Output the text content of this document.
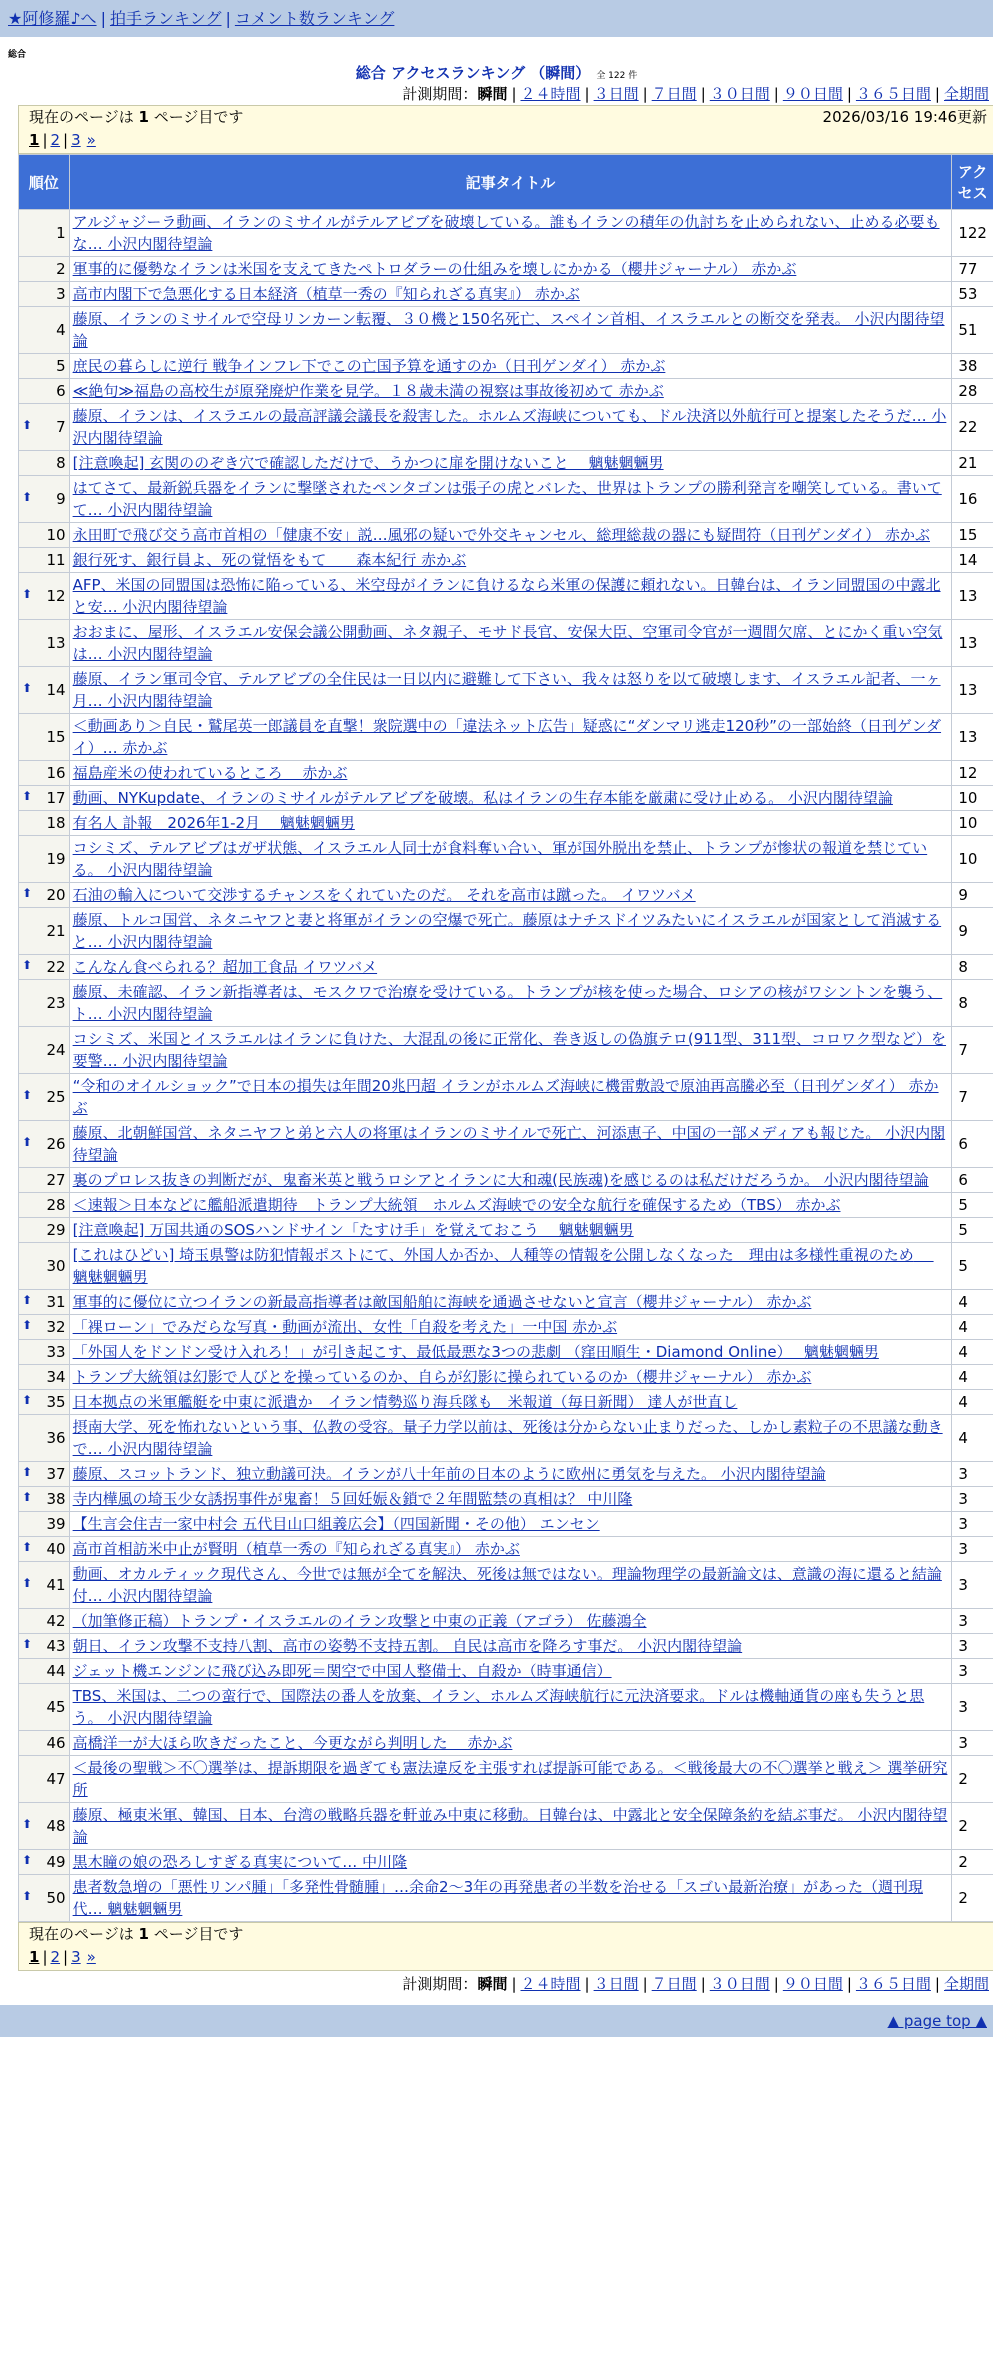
★阿修羅♪へ | 拍手ランキング | コメント数ランキング
総合
総合 アクセスランキング （瞬間） 全 122 件
計測期間：瞬間 | ２４時間 | ３日間 | ７日間 | ３０日間 | ９０日間 | ３６５日間 | 全期間
現在のページは 1 ページ目です	2026/03/16 19:46更新
1 | 2 | 3 »
順位	記事タイトル	アクセス
1	アルジャジーラ動画、イランのミサイルがテルアビブを破壊している。誰もイランの積年の仇討ちを止められない、止める必要もな… 小沢内閣待望論	122
2	軍事的に優勢なイランは米国を支えてきたペトロダラーの仕組みを壊しにかかる（櫻井ジャーナル） 赤かぶ	77
3	高市内閣下で急悪化する日本経済（植草一秀の『知られざる真実』） 赤かぶ	53
4	藤原、イランのミサイルで空母リンカーン転覆、３０機と150名死亡、スペイン首相、イスラエルとの断交を発表。 小沢内閣待望論	51
5	庶民の暮らしに逆行 戦争インフレ下でこの亡国予算を通すのか（日刊ゲンダイ） 赤かぶ	38
6	≪絶句≫福島の高校生が原発廃炉作業を見学。１８歳未満の視察は事故後初めて 赤かぶ	28

⬆ 7	藤原、イランは、イスラエルの最高評議会議長を殺害した。ホルムズ海峡についても、ドル決済以外航行可と提案したそうだ… 小沢内閣待望論	22
8	[注意喚起] 玄関ののぞき穴で確認しただけで、うかつに扉を開けないこと　 魑魅魍魎男	21

⬆ 9	はてさて、最新鋭兵器をイランに撃墜されたペンタゴンは張子の虎とバレた、世界はトランプの勝利発言を嘲笑している。書いてて… 小沢内閣待望論	16
10	永田町で飛び交う高市首相の「健康不安」説…風邪の疑いで外交キャンセル、総理総裁の器にも疑問符（日刊ゲンダイ） 赤かぶ	15
11	銀行死す、銀行員よ、死の覚悟をもて　　森本紀行 赤かぶ	14

⬆ 12	AFP、米国の同盟国は恐怖に陥っている、米空母がイランに負けるなら米軍の保護に頼れない。日韓台は、イラン同盟国の中露北と安… 小沢内閣待望論	13
13	おおまに、屋形、イスラエル安保会議公開動画、ネタ親子、モサド長官、安保大臣、空軍司令官が一週間欠席、とにかく重い空気は… 小沢内閣待望論	13

⬆ 14	藤原、イラン軍司令官、テルアビブの全住民は一日以内に避難して下さい、我々は怒りを以て破壊します、イスラエル記者、一ヶ月… 小沢内閣待望論	13
15	＜動画あり＞自民・鷲尾英一郎議員を直撃！衆院選中の「違法ネット広告」疑惑に“ダンマリ逃走120秒”の一部始終（日刊ゲンダイ）… 赤かぶ	13
16	福島産米の使われているところ　 赤かぶ	12

⬆ 17	動画、NYKupdate、イランのミサイルがテルアビブを破壊。私はイランの生存本能を厳粛に受け止める。 小沢内閣待望論	10
18	有名人 訃報　2026年1-2月　 魑魅魍魎男	10
19	コシミズ、テルアビブはガザ状態、イスラエル人同士が食料奪い合い、軍が国外脱出を禁止、トランプが惨状の報道を禁じている。 小沢内閣待望論	10

⬆ 20	石油の輸入について交渉するチャンスをくれていたのだ。 それを高市は蹴った。 イワツバメ	9
21	藤原、トルコ国営、ネタニヤフと妻と将軍がイランの空爆で死亡。藤原はナチスドイツみたいにイスラエルが国家として消滅すると… 小沢内閣待望論	9

⬆ 22	こんなん食べられる？超加工食品 イワツバメ	8
23	藤原、未確認、イラン新指導者は、モスクワで治療を受けている。トランプが核を使った場合、ロシアの核がワシントンを襲う、ト… 小沢内閣待望論	8
24	コシミズ、米国とイスラエルはイランに負けた、大混乱の後に正常化、巻き返しの偽旗テロ(911型、311型、コロワク型など）を要警… 小沢内閣待望論	7

⬆ 25	“令和のオイルショック”で日本の損失は年間20兆円超 イランがホルムズ海峡に機雷敷設で原油再高騰必至（日刊ゲンダイ） 赤かぶ	7

⬆ 26	藤原、北朝鮮国営、ネタニヤフと弟と六人の将軍はイランのミサイルで死亡、河添恵子、中国の一部メディアも報じた。 小沢内閣待望論	6
27	裏のプロレス抜きの判断だが、鬼畜米英と戦うロシアとイランに大和魂(民族魂)を感じるのは私だけだろうか。 小沢内閣待望論	6
28	＜速報＞日本などに艦船派遣期待　トランプ大統領　ホルムズ海峡での安全な航行を確保するため（TBS） 赤かぶ	5
29	[注意喚起] 万国共通のSOSハンドサイン「たすけ手」を覚えておこう　 魑魅魍魎男	5
30	[これはひどい] 埼玉県警は防犯情報ポストにて、外国人か否か、人種等の情報を公開しなくなった　理由は多様性重視のため　 魑魅魍魎男	5

⬆ 31	軍事的に優位に立つイランの新最高指導者は敵国船舶に海峡を通過させないと宣言（櫻井ジャーナル） 赤かぶ	4

⬆ 32	「裸ローン」でみだらな写真・動画が流出、女性「自殺を考えた」一中国 赤かぶ	4
33	「外国人をドンドン受け入れろ！」が引き起こす、最低最悪な3つの悲劇 （窪田順生・Diamond Online）　 魑魅魍魎男	4
34	トランプ大統領は幻影で人びとを操っているのか、自らが幻影に操られているのか（櫻井ジャーナル） 赤かぶ	4

⬆ 35	日本拠点の米軍艦艇を中東に派遣か　イラン情勢巡り海兵隊も　米報道（毎日新聞） 達人が世直し	4
36	摂南大学、死を怖れないという事、仏教の受容。量子力学以前は、死後は分からない止まりだった、しかし素粒子の不思議な動きで… 小沢内閣待望論	4

⬆ 37	藤原、スコットランド、独立動議可決。イランが八十年前の日本のように欧州に勇気を与えた。 小沢内閣待望論	3

⬆ 38	寺内樺風の埼玉少女誘拐事件が鬼畜！５回妊娠＆鎖で２年間監禁の真相は？ 中川隆	3
39	【生言会住吉一家中村会 五代目山口組義広会】（四国新聞・その他） エンセン	3

⬆ 40	高市首相訪米中止が賢明（植草一秀の『知られざる真実』） 赤かぶ	3

⬆ 41	動画、オカルティック現代さん、今世では無が全てを解決、死後は無ではない。理論物理学の最新論文は、意識の海に還ると結論付… 小沢内閣待望論	3
42	（加筆修正稿）トランプ・イスラエルのイラン攻撃と中東の正義（アゴラ） 佐藤鴻全	3

⬆ 43	朝日、イラン攻撃不支持八割、高市の姿勢不支持五割。 自民は高市を降ろす事だ。 小沢内閣待望論	3
44	ジェット機エンジンに飛び込み即死＝関空で中国人整備士、自殺か（時事通信）	3
45	TBS、米国は、二つの蛮行で、国際法の番人を放棄、イラン、ホルムズ海峡航行に元決済要求。ドルは機軸通貨の座も失うと思う。 小沢内閣待望論	3
46	高橋洋一が大ほら吹きだったこと、今更ながら判明した　 赤かぶ	3
47	＜最後の聖戦＞不〇選挙は、提訴期限を過ぎても憲法違反を主張すれば提訴可能である。＜戦後最大の不〇選挙と戦え＞ 選挙研究所	2

⬆ 48	藤原、極東米軍、韓国、日本、台湾の戦略兵器を軒並み中東に移動。日韓台は、中露北と安全保障条約を結ぶ事だ。 小沢内閣待望論	2

⬆ 49	黒木瞳の娘の恐ろしすぎる真実について… 中川隆	2

⬆ 50	患者数急増の「悪性リンパ腫」「多発性骨髄腫」…余命2～3年の再発患者の半数を治せる「スゴい最新治療」があった（週刊現代… 魑魅魍魎男	2
現在のページは 1 ページ目です
1 | 2 | 3 »
計測期間：瞬間 | ２４時間 | ３日間 | ７日間 | ３０日間 | ９０日間 | ３６５日間 | 全期間
▲ page top ▲
